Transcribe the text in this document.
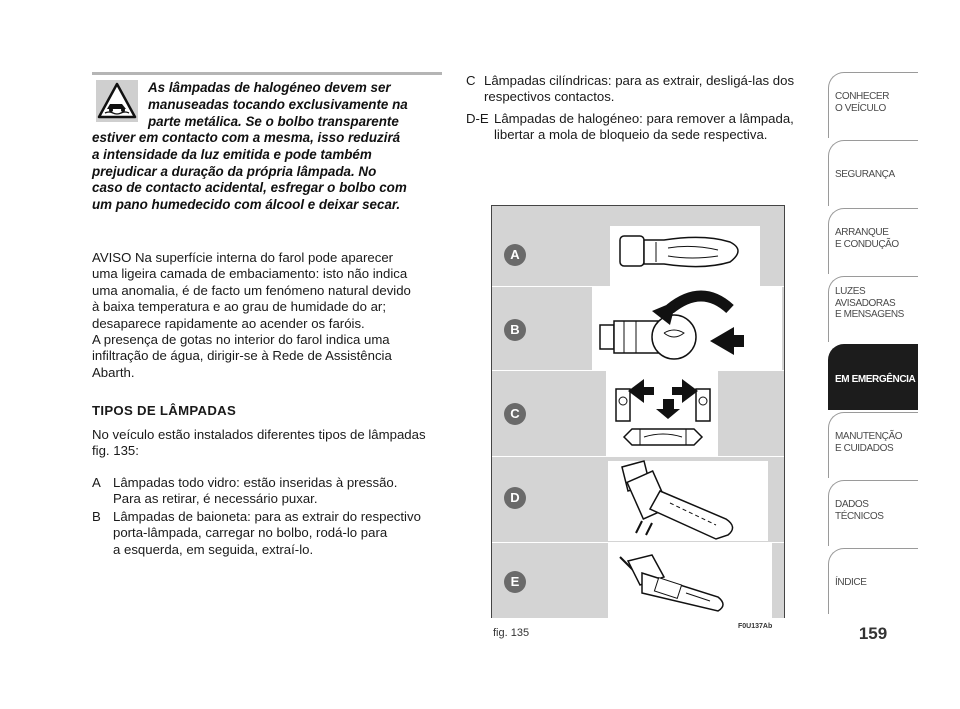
As lâmpadas de halogéneo devem ser
manuseadas tocando exclusivamente na
parte metálica. Se o bolbo transparente
estiver em contacto com a mesma, isso reduzirá
a intensidade da luz emitida e pode também
prejudicar a duração da própria lâmpada. No
caso de contacto acidental, esfregar o bolbo com
um pano humedecido com álcool e deixar secar.
AVISO Na superfície interna do farol pode aparecer
uma ligeira camada de embaciamento: isto não indica
uma anomalia, é de facto um fenómeno natural devido
à baixa temperatura e ao grau de humidade do ar;
desaparece rapidamente ao acender os faróis.
A presença de gotas no interior do farol indica uma
infiltração de água, dirigir-se à Rede de Assistência
Abarth.
TIPOS DE LÂMPADAS
No veículo estão instalados diferentes tipos de lâmpadas
fig. 135:
A Lâmpadas todo vidro: estão inseridas à pressão.
Para as retirar, é necessário puxar.
B Lâmpadas de baioneta: para as extrair do respectivo
porta-lâmpada, carregar no bolbo, rodá-lo para
a esquerda, em seguida, extraí-lo.
C Lâmpadas cilíndricas: para as extrair, desligá-las dos
respectivos contactos.
D-E Lâmpadas de halogéneo: para remover a lâmpada,
libertar a mola de bloqueio da sede respectiva.
A
B
C
D
E
fig. 135
F0U137Ab
CONHECER
O VEÍCULO
SEGURANÇA
ARRANQUE
E CONDUÇÃO
LUZES
AVISADORAS
E MENSAGENS
EM EMERGÊNCIA
MANUTENÇÃO
E CUIDADOS
DADOS
TÉCNICOS
ÍNDICE
159
